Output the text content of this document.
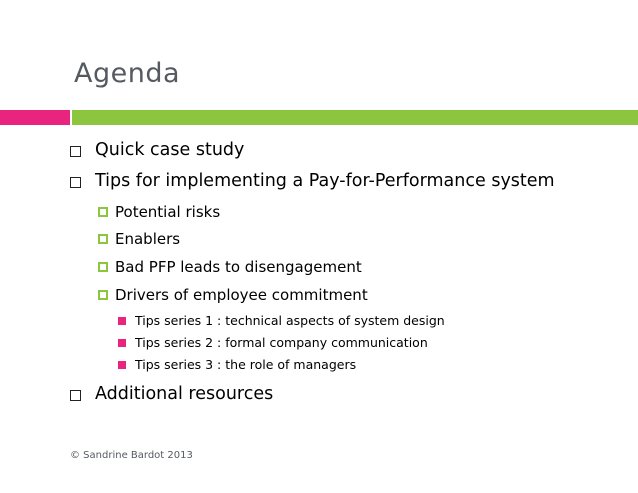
Agenda
Quick case study
Tips for implementing a Pay-for-Performance system
Potential risks
Enablers
Bad PFP leads to disengagement
Drivers of employee commitment
Tips series 1 : technical aspects of system design
Tips series 2 : formal company communication
Tips series 3 : the role of managers
Additional resources
© Sandrine Bardot 2013
